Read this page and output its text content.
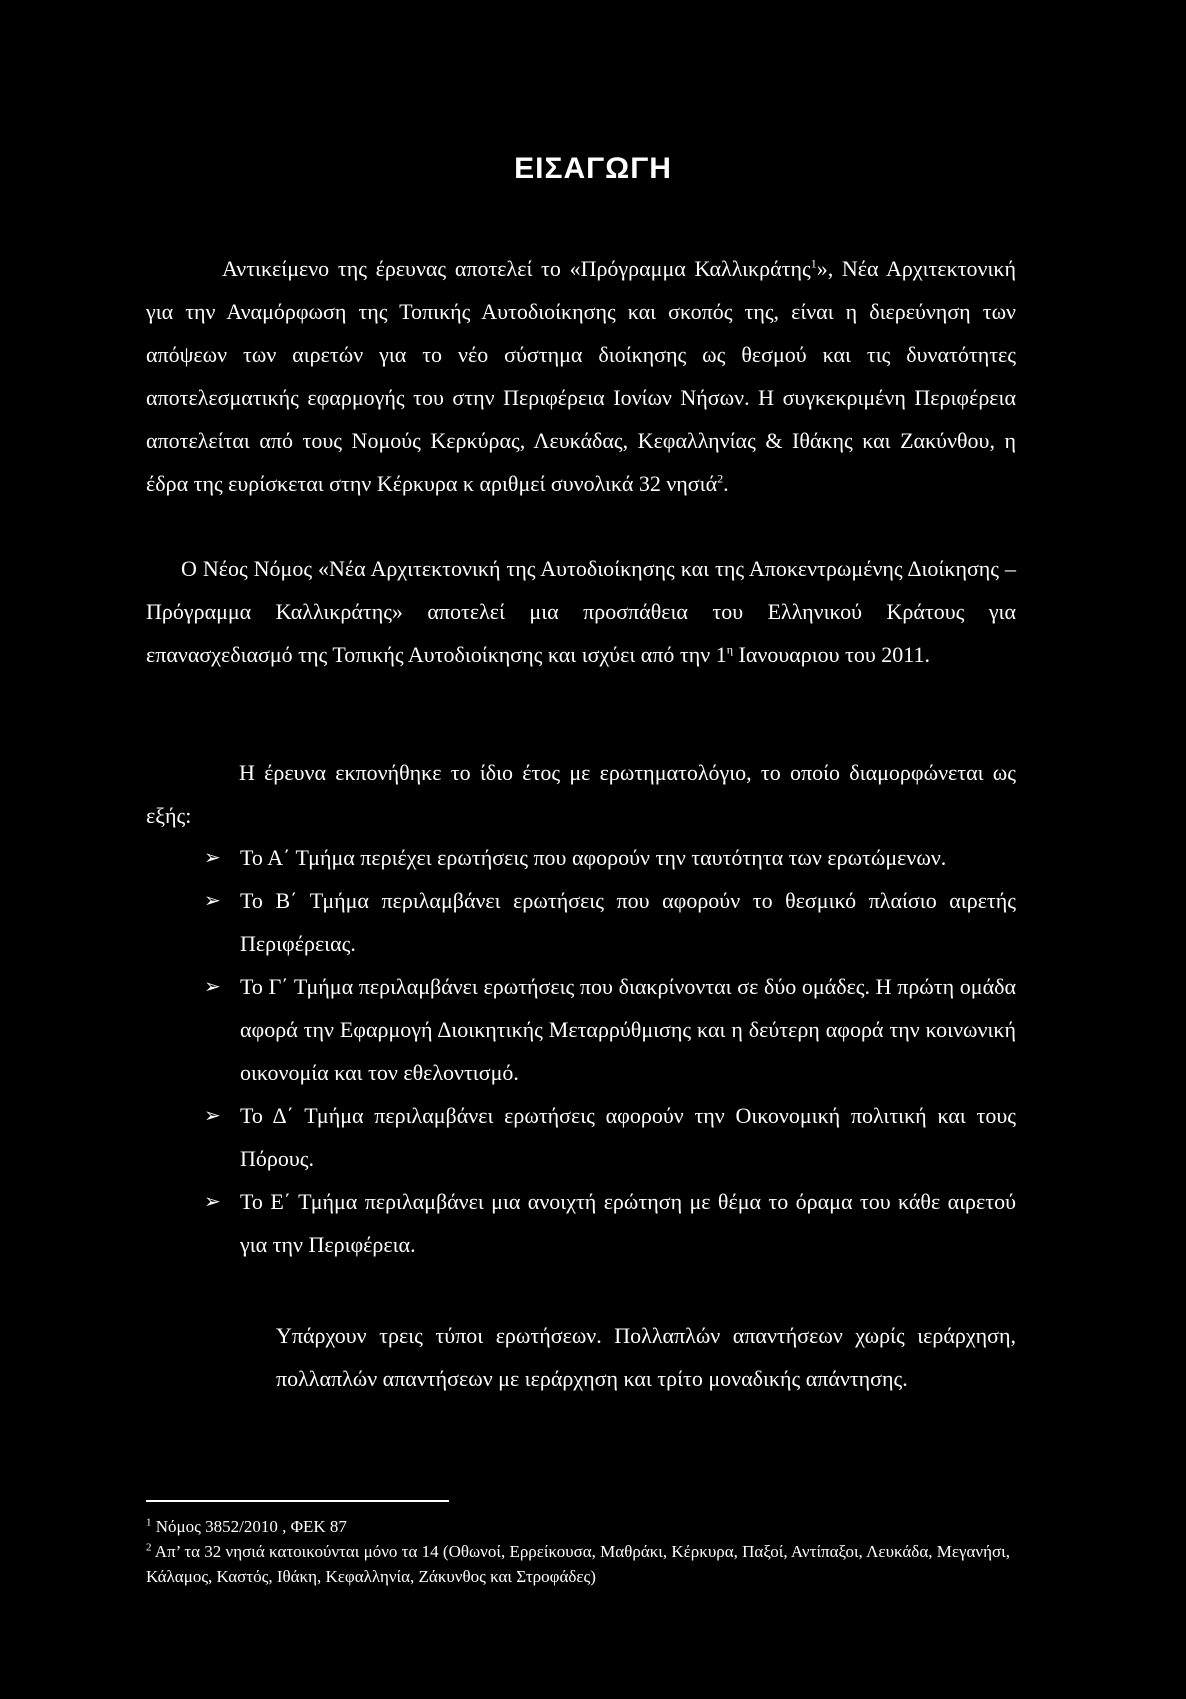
ΕΙΣΑΓΩΓΗ

Αντικείμενο της έρευνας αποτελεί το «Πρόγραμμα Καλλικράτης$^1$», Νέα Αρχιτεκτονική για την Αναμόρφωση της Τοπικής Αυτοδιοίκησης και σκοπός της, είναι η διερεύνηση των απόψεων των αιρετών για το νέο σύστημα διοίκησης ως θεσμού και τις δυνατότητες αποτελεσματικής εφαρμογής του στην Περιφέρεια Ιονίων Νήσων. Η συγκεκριμένη Περιφέρεια αποτελείται από τους Νομούς Κερκύρας, Λευκάδας, Κεφαλληνίας & Ιθάκης και Ζακύνθου, η έδρα της ευρίσκεται στην Κέρκυρα κ αριθμεί συνολικά 32 νησιά$^2$.

Ο Νέος Νόμος «Νέα Αρχιτεκτονική της Αυτοδιοίκησης και της Αποκεντρωμένης Διοίκησης – Πρόγραμμα Καλλικράτης» αποτελεί μια προσπάθεια του Ελληνικού Κράτους για επανασχεδιασμό της Τοπικής Αυτοδιοίκησης και ισχύει από την $1^\eta$ Ιανουαριου του 2011.

Η έρευνα εκπονήθηκε το ίδιο έτος με ερωτηματολόγιο, το οποίο διαμορφώνεται ως εξής:

➢ Το Α΄ Τμήμα περιέχει ερωτήσεις που αφορούν την ταυτότητα των ερωτώμενων.
➢ Το Β΄ Τμήμα περιλαμβάνει ερωτήσεις που αφορούν το θεσμικό πλαίσιο αιρετής Περιφέρειας.
➢ Το Γ΄ Τμήμα περιλαμβάνει ερωτήσεις που διακρίνονται σε δύο ομάδες. Η πρώτη ομάδα αφορά την Εφαρμογή Διοικητικής Μεταρρύθμισης και η δεύτερη αφορά την κοινωνική οικονομία και τον εθελοντισμό.
➢ Το Δ΄ Τμήμα περιλαμβάνει ερωτήσεις αφορούν την Οικονομική πολιτική και τους Πόρους.
➢ Το Ε΄ Τμήμα περιλαμβάνει μια ανοιχτή ερώτηση με θέμα το όραμα του κάθε αιρετού για την Περιφέρεια.

Υπάρχουν τρεις τύποι ερωτήσεων. Πολλαπλών απαντήσεων χωρίς ιεράρχηση, πολλαπλών απαντήσεων με ιεράρχηση και τρίτο μοναδικής απάντησης.

$^1$ Νόμος 3852/2010 , ΦΕΚ 87

$^2$ Απ’ τα 32 νησιά κατοικούνται μόνο τα 14 (Οθωνοί, Ερρείκουσα, Μαθράκι, Κέρκυρα, Παξοί, Αντίπαξοι, Λευκάδα, Μεγανήσι, Κάλαμος, Καστός, Ιθάκη, Κεφαλληνία, Ζάκυνθος και Στροφάδες)
